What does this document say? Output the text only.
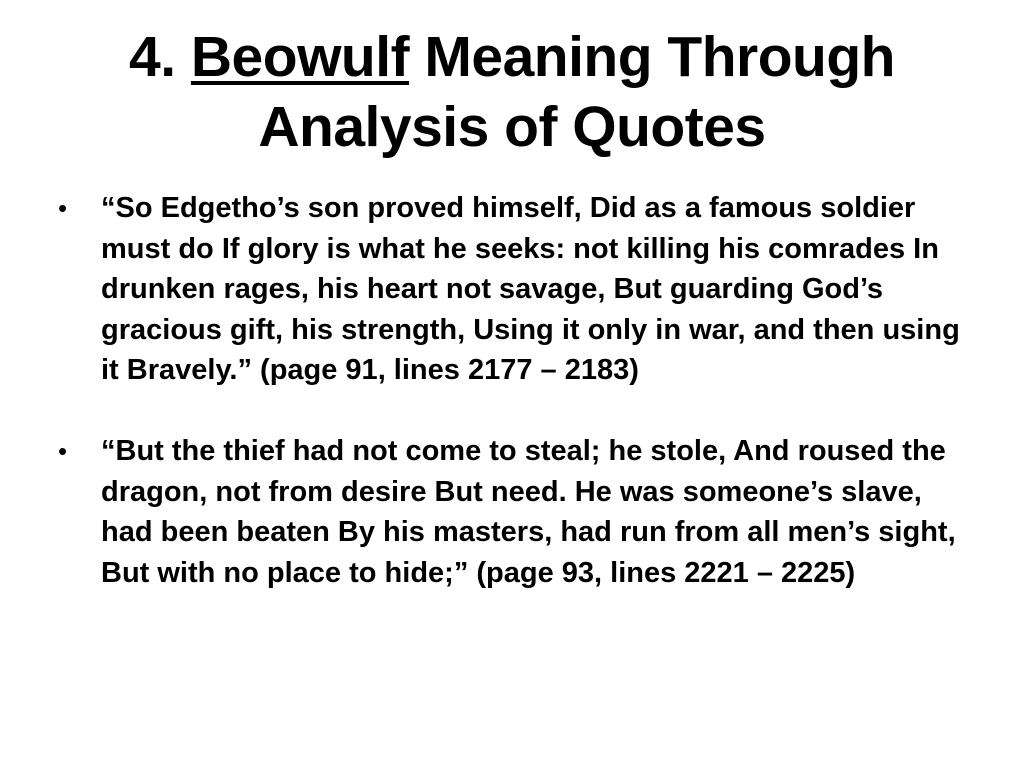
4. Beowulf Meaning Through
Analysis of Quotes
• “So Edgetho’s son proved himself, Did as a famous soldier must do If glory is what he seeks: not killing his comrades In drunken rages, his heart not savage, But guarding God’s gracious gift, his strength, Using it only in war, and then using it Bravely.” (page 91, lines 2177 – 2183)
• “But the thief had not come to steal; he stole, And roused the dragon, not from desire But need. He was someone’s slave, had been beaten By his masters, had run from all men’s sight, But with no place to hide;” (page 93, lines 2221 – 2225)
